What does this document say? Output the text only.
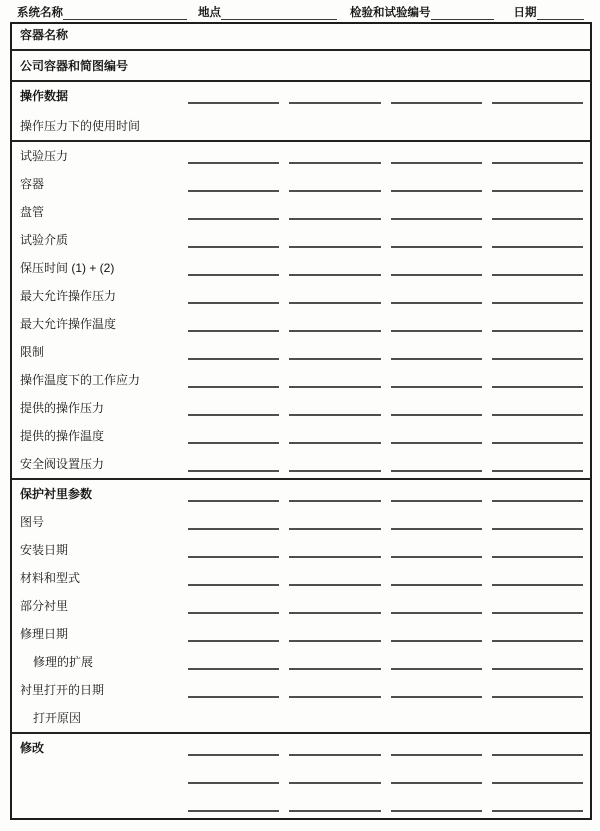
系统名称	地点	检验和试验编号	日期
容器名称
公司容器和简图编号
操作数据
操作压力下的使用时间
试验压力
容器
盘管
试验介质
保压时间 (1) + (2)
最大允许操作压力
最大允许操作温度
限制
操作温度下的工作应力
提供的操作压力
提供的操作温度
安全阀设置压力
保护衬里参数
图号
安装日期
材料和型式
部分衬里
修理日期
修理的扩展
衬里打开的日期
打开原因
修改
